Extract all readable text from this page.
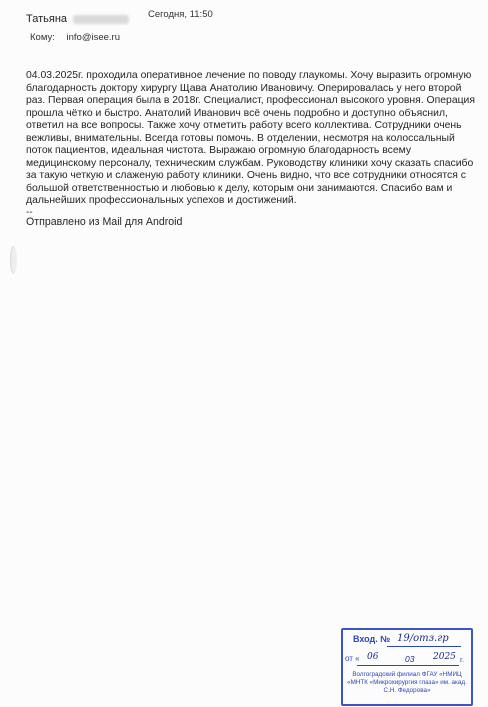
Татьяна	Сегодня, 11:50
Кому: info@isee.ru
04.03.2025г. проходила оперативное лечение по поводу глаукомы. Хочу выразить огромную
благодарность доктору хирургу Щава Анатолию Ивановичу. Оперировалась у него второй
раз. Первая операция была в 2018г. Специалист, профессионал высокого уровня. Операция
прошла чётко и быстро. Анатолий Иванович всё очень подробно и доступно объяснил,
ответил на все вопросы. Также хочу отметить работу всего коллектива. Сотрудники очень
вежливы, внимательны. Всегда готовы помочь. В отделении, несмотря на колоссальный
поток пациентов, идеальная чистота. Выражаю огромную благодарность всему
медицинскому персоналу, техническим службам. Руководству клиники хочу сказать спасибо
за такую четкую и слаженую работу клиники. Очень видно, что все сотрудники относятся с
большой ответственностью и любовью к делу, которым они занимаются. Спасибо вам и
дальнейших профессиональных успехов и достижений.
--
Отправлено из Mail для Android
Вход. № 19/отз.гр
от « 06	03 2025 г.
Волгоградский филиал ФГАУ «НМИЦ «МНТК «Микрохирургия глаза» им. акад. С.Н. Федорова»
